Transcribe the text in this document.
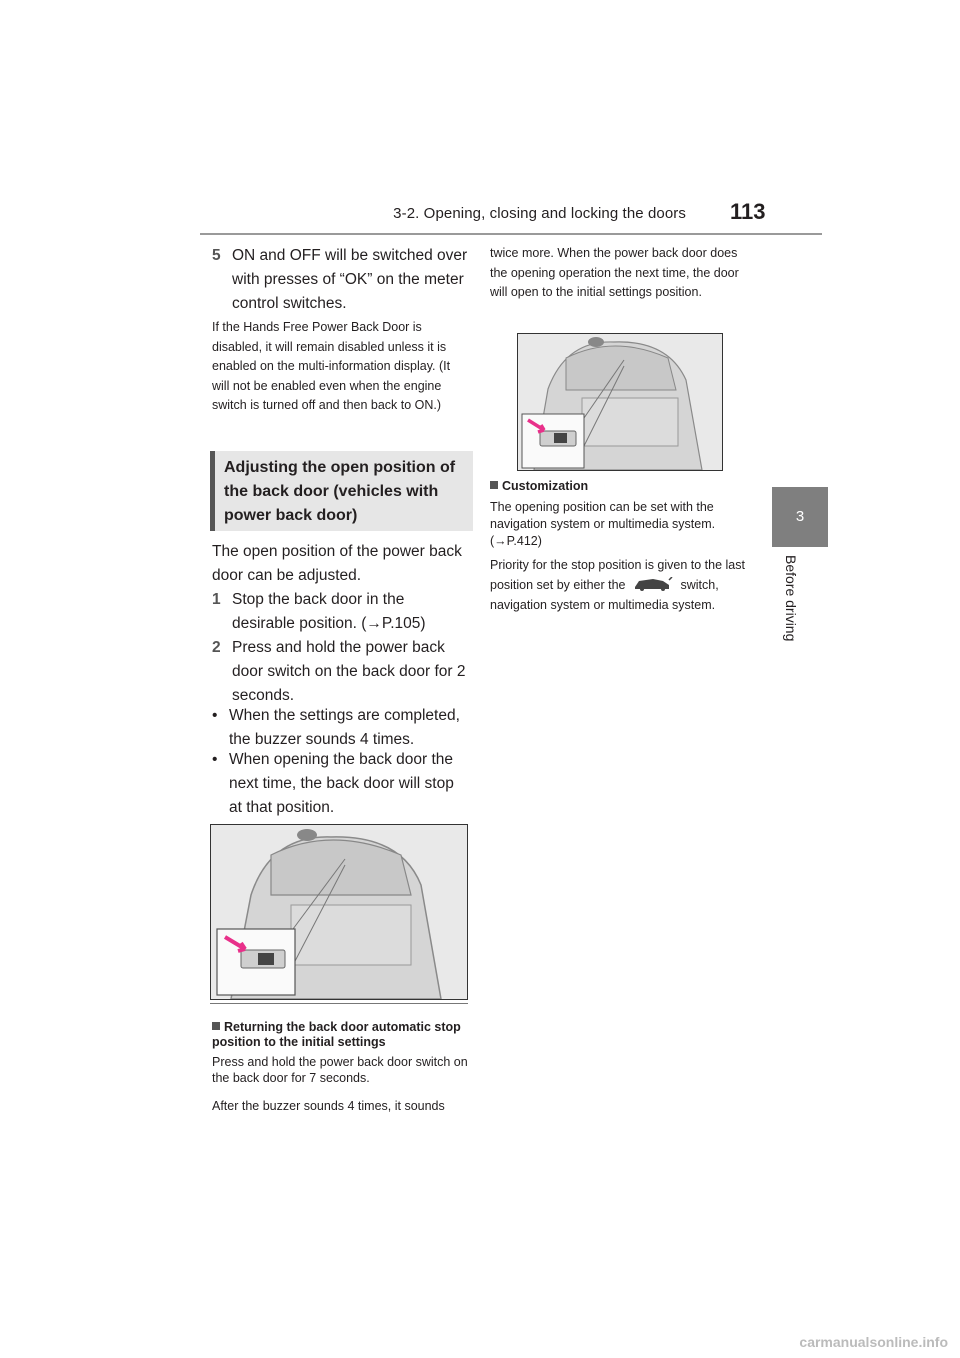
3-2. Opening, closing and locking the doors 113
3
Before driving
5 ON and OFF will be switched over with presses of “OK” on the meter control switches.
If the Hands Free Power Back Door is disabled, it will remain disabled unless it is enabled on the multi-information display. (It will not be enabled even when the engine switch is turned off and then back to ON.)
Adjusting the open position of the back door (vehicles with power back door)
The open position of the power back door can be adjusted.
1 Stop the back door in the desirable position. (→P.105)
2 Press and hold the power back door switch on the back door for 2 seconds.
• When the settings are completed, the buzzer sounds 4 times.
• When opening the back door the next time, the back door will stop at that position.
Returning the back door automatic stop position to the initial settings
Press and hold the power back door switch on the back door for 7 seconds.
After the buzzer sounds 4 times, it sounds
twice more. When the power back door does the opening operation the next time, the door will open to the initial settings position.
Customization
The opening position can be set with the navigation system or multimedia system. (→P.412)
Priority for the stop position is given to the last position set by either the	switch, navigation system or multimedia system.
carmanualsonline.info
